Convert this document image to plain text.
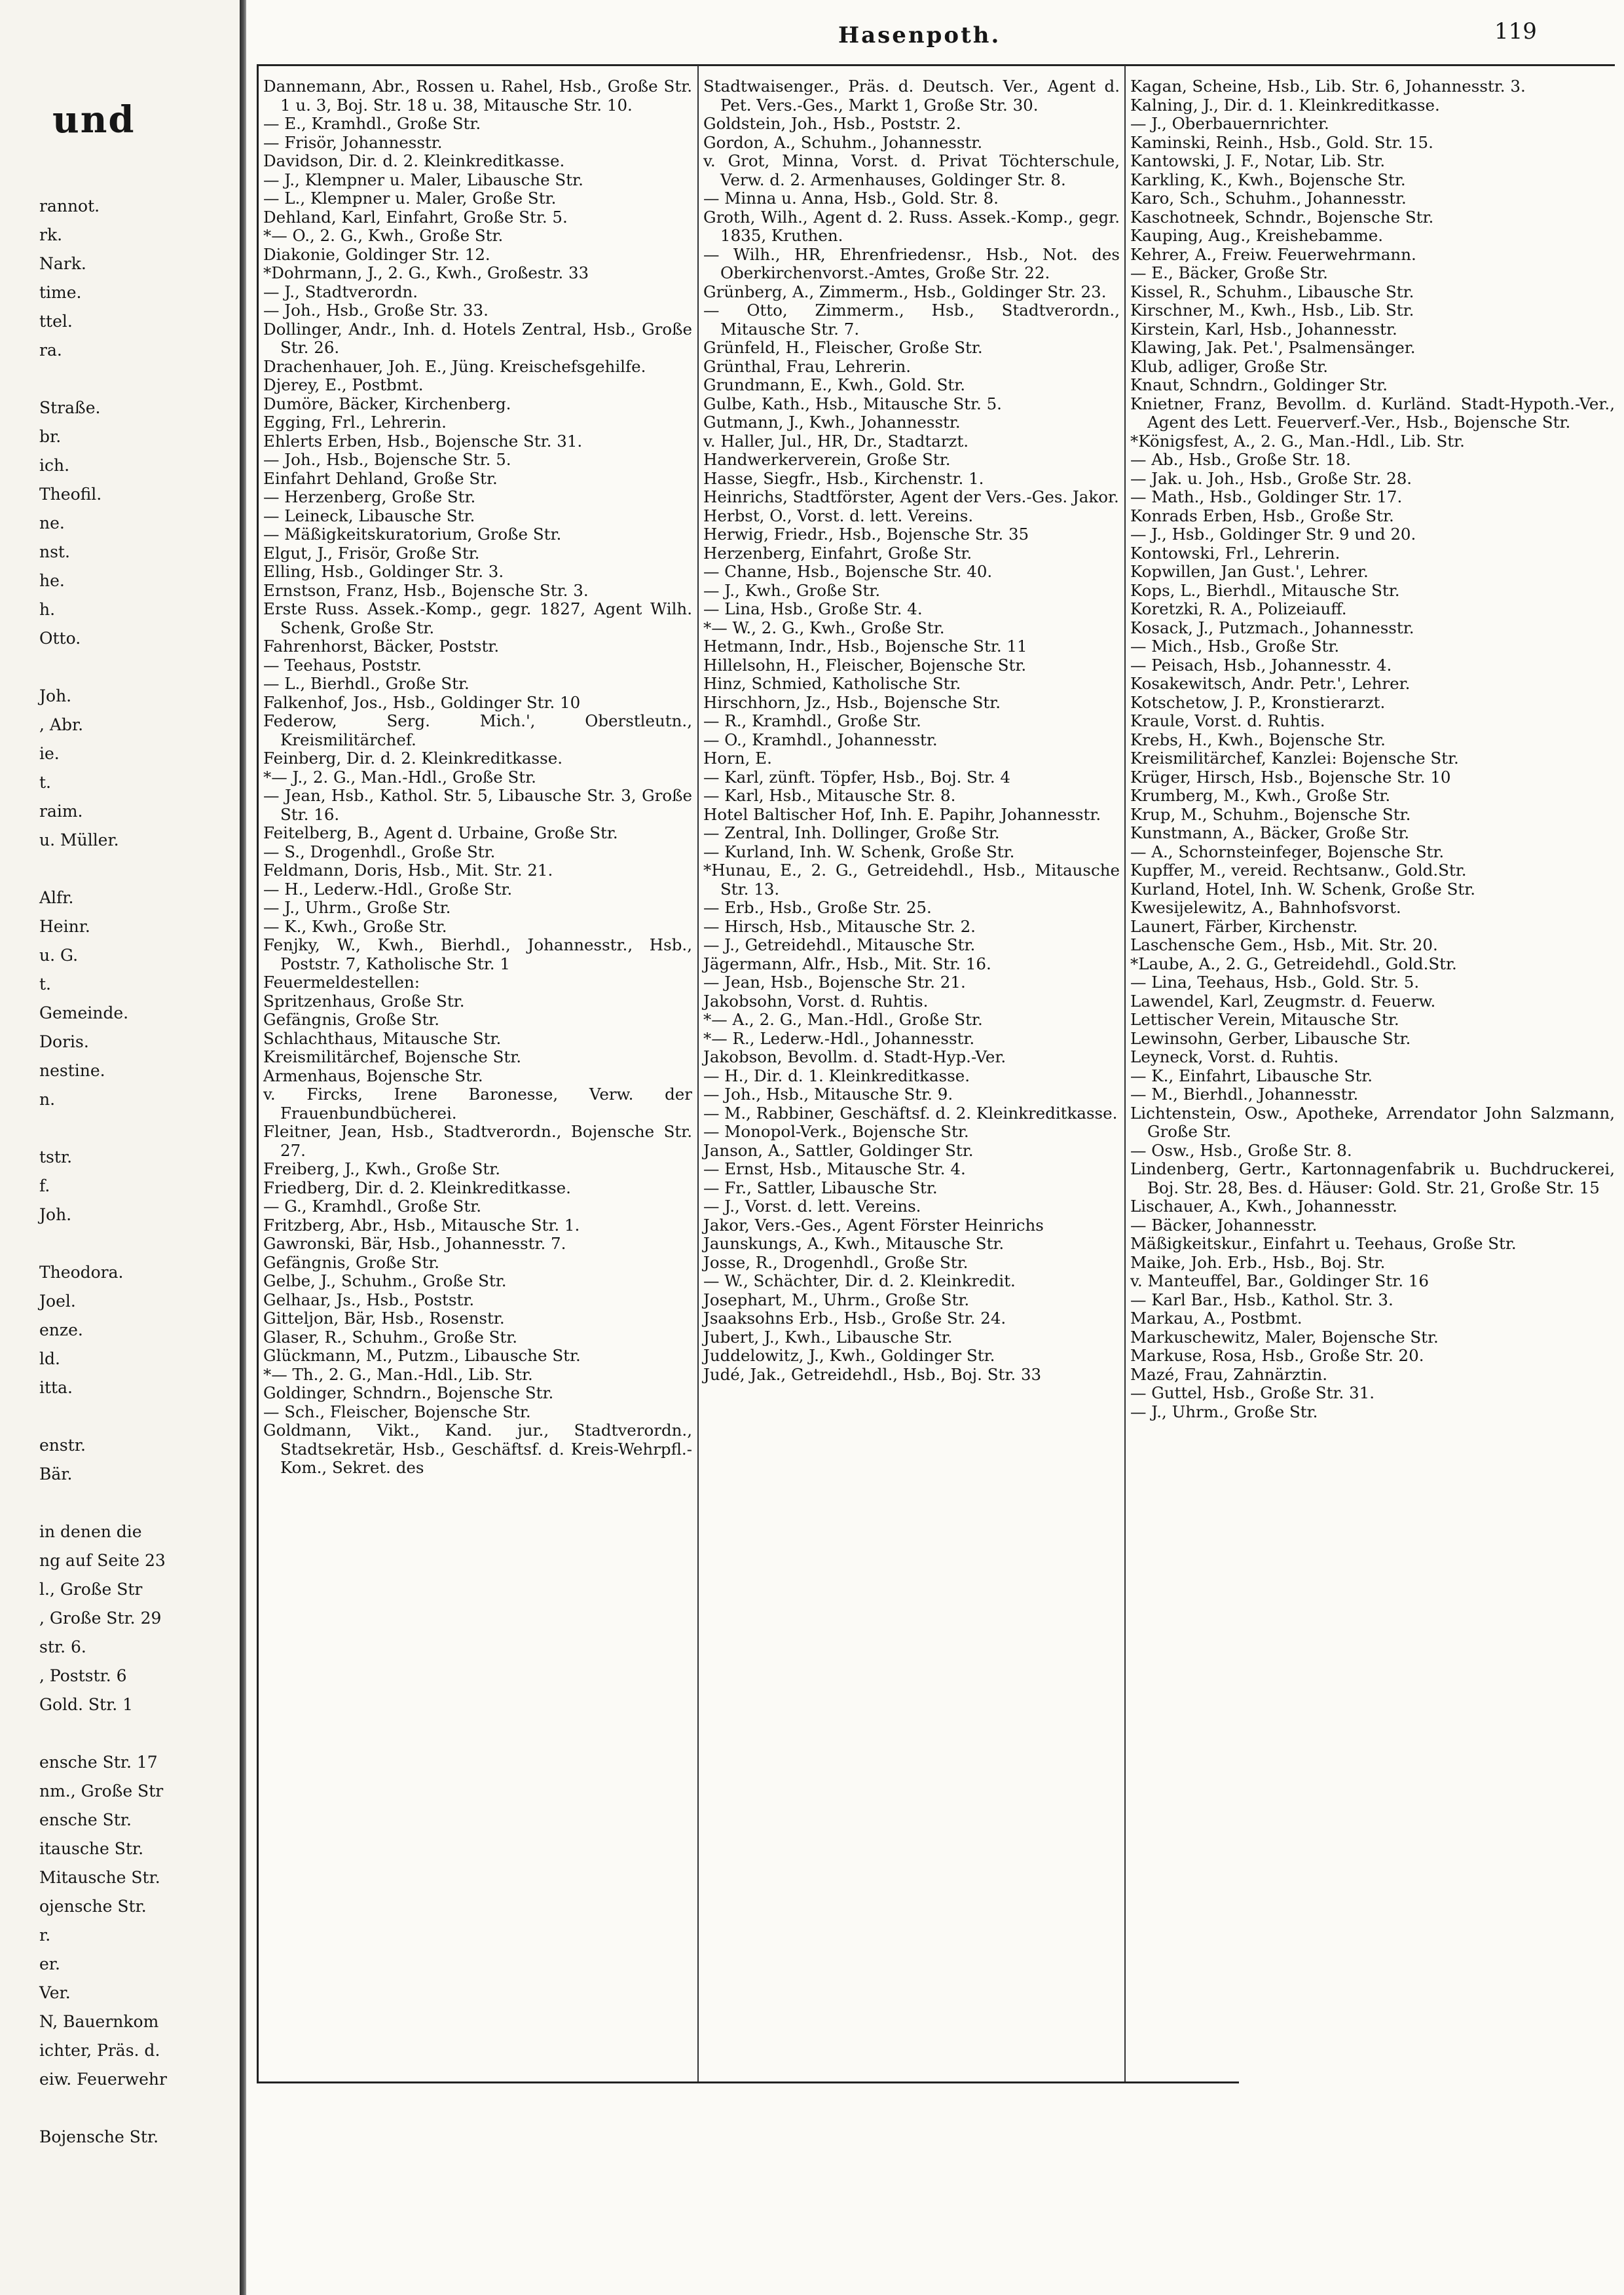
und
rannot.
rk.
Nark.
time.
ttel.
ra.
Straße.
br.
ich.
Theofil.
ne.
nst.
he.
h.
Otto.
Joh.
, Abr.
ie.
t.
raim.
u. Müller.
Alfr.
Heinr.
u. G.
t.
Gemeinde.
Doris.
nestine.
n.
tstr.
f.
Joh.
Theodora.
Joel.
enze.
ld.
itta.
enstr.
Bär.
in denen die
ng auf Seite 23
l., Große Str
, Große Str. 29
str. 6.
, Poststr. 6
Gold. Str. 1
ensche Str. 17
nm., Große Str
ensche Str.
itausche Str.
Mitausche Str.
ojensche Str.
r.
er.
Ver.
N, Bauernkom
ichter, Präs. d.
eiw. Feuerwehr
Bojensche Str.
Hasenpoth.	119

Dannemann, Abr., Rossen u. Rahel, Hsb., Große Str. 1 u. 3, Boj. Str. 18 u. 38, Mitausche Str. 10.

— E., Kramhdl., Große Str.

— Frisör, Johannesstr.

Davidson, Dir. d. 2. Kleinkreditkasse.

— J., Klempner u. Maler, Libausche Str.

— L., Klempner u. Maler, Große Str.

Dehland, Karl, Einfahrt, Große Str. 5.

*— O., 2. G., Kwh., Große Str.

Diakonie, Goldinger Str. 12.

*Dohrmann, J., 2. G., Kwh., Großestr. 33

— J., Stadtverordn.

— Joh., Hsb., Große Str. 33.

Dollinger, Andr., Inh. d. Hotels Zentral, Hsb., Große Str. 26.

Drachenhauer, Joh. E., Jüng. Kreischefsgehilfe.

Djerey, E., Postbmt.

Dumöre, Bäcker, Kirchenberg.

Egging, Frl., Lehrerin.

Ehlerts Erben, Hsb., Bojensche Str. 31.

— Joh., Hsb., Bojensche Str. 5.

Einfahrt Dehland, Große Str.

— Herzenberg, Große Str.

— Leineck, Libausche Str.

— Mäßigkeitskuratorium, Große Str.

Elgut, J., Frisör, Große Str.

Elling, Hsb., Goldinger Str. 3.

Ernstson, Franz, Hsb., Bojensche Str. 3.

Erste Russ. Assek.-Komp., gegr. 1827, Agent Wilh. Schenk, Große Str.

Fahrenhorst, Bäcker, Poststr.

— Teehaus, Poststr.

— L., Bierhdl., Große Str.

Falkenhof, Jos., Hsb., Goldinger Str. 10

Federow, Serg. Mich.', Oberstleutn., Kreismilitärchef.

Feinberg, Dir. d. 2. Kleinkreditkasse.

*— J., 2. G., Man.-Hdl., Große Str.

— Jean, Hsb., Kathol. Str. 5, Libausche Str. 3, Große Str. 16.

Feitelberg, B., Agent d. Urbaine, Große Str.

— S., Drogenhdl., Große Str.

Feldmann, Doris, Hsb., Mit. Str. 21.

— H., Lederw.-Hdl., Große Str.

— J., Uhrm., Große Str.

— K., Kwh., Große Str.

Fenjky, W., Kwh., Bierhdl., Johannesstr., Hsb., Poststr. 7, Katholische Str. 1

Feuermeldestellen:

Spritzenhaus, Große Str.

Gefängnis, Große Str.

Schlachthaus, Mitausche Str.

Kreismilitärchef, Bojensche Str.

Armenhaus, Bojensche Str.

v. Fircks, Irene Baronesse, Verw. der Frauenbundbücherei.

Fleitner, Jean, Hsb., Stadtverordn., Bojensche Str. 27.

Freiberg, J., Kwh., Große Str.

Friedberg, Dir. d. 2. Kleinkreditkasse.

— G., Kramhdl., Große Str.

Fritzberg, Abr., Hsb., Mitausche Str. 1.

Gawronski, Bär, Hsb., Johannesstr. 7.

Gefängnis, Große Str.

Gelbe, J., Schuhm., Große Str.

Gelhaar, Js., Hsb., Poststr.

Gitteljon, Bär, Hsb., Rosenstr.

Glaser, R., Schuhm., Große Str.

Glückmann, M., Putzm., Libausche Str.

*— Th., 2. G., Man.-Hdl., Lib. Str.

Goldinger, Schndrn., Bojensche Str.

— Sch., Fleischer, Bojensche Str.

Goldmann, Vikt., Kand. jur., Stadtverordn., Stadtsekretär, Hsb., Geschäftsf. d. Kreis-Wehrpfl.-Kom., Sekret. des

Stadtwaisenger., Präs. d. Deutsch. Ver., Agent d. Pet. Vers.-Ges., Markt 1, Große Str. 30.

Goldstein, Joh., Hsb., Poststr. 2.

Gordon, A., Schuhm., Johannesstr.

v. Grot, Minna, Vorst. d. Privat Töchterschule, Verw. d. 2. Armenhauses, Goldinger Str. 8.

— Minna u. Anna, Hsb., Gold. Str. 8.

Groth, Wilh., Agent d. 2. Russ. Assek.-Komp., gegr. 1835, Kruthen.

— Wilh., HR, Ehrenfriedensr., Hsb., Not. des Oberkirchenvorst.-Amtes, Große Str. 22.

Grünberg, A., Zimmerm., Hsb., Goldinger Str. 23.

— Otto, Zimmerm., Hsb., Stadtverordn., Mitausche Str. 7.

Grünfeld, H., Fleischer, Große Str.

Grünthal, Frau, Lehrerin.

Grundmann, E., Kwh., Gold. Str.

Gulbe, Kath., Hsb., Mitausche Str. 5.

Gutmann, J., Kwh., Johannesstr.

v. Haller, Jul., HR, Dr., Stadtarzt.

Handwerkerverein, Große Str.

Hasse, Siegfr., Hsb., Kirchenstr. 1.

Heinrichs, Stadtförster, Agent der Vers.-Ges. Jakor.

Herbst, O., Vorst. d. lett. Vereins.

Herwig, Friedr., Hsb., Bojensche Str. 35

Herzenberg, Einfahrt, Große Str.

— Channe, Hsb., Bojensche Str. 40.

— J., Kwh., Große Str.

— Lina, Hsb., Große Str. 4.

*— W., 2. G., Kwh., Große Str.

Hetmann, Indr., Hsb., Bojensche Str. 11

Hillelsohn, H., Fleischer, Bojensche Str.

Hinz, Schmied, Katholische Str.

Hirschhorn, Jz., Hsb., Bojensche Str.

— R., Kramhdl., Große Str.

— O., Kramhdl., Johannesstr.

Horn, E.

— Karl, zünft. Töpfer, Hsb., Boj. Str. 4

— Karl, Hsb., Mitausche Str. 8.

Hotel Baltischer Hof, Inh. E. Papihr, Johannesstr.

— Zentral, Inh. Dollinger, Große Str.

— Kurland, Inh. W. Schenk, Große Str.

*Hunau, E., 2. G., Getreidehdl., Hsb., Mitausche Str. 13.

— Erb., Hsb., Große Str. 25.

— Hirsch, Hsb., Mitausche Str. 2.

— J., Getreidehdl., Mitausche Str.

Jägermann, Alfr., Hsb., Mit. Str. 16.

— Jean, Hsb., Bojensche Str. 21.

Jakobsohn, Vorst. d. Ruhtis.

*— A., 2. G., Man.-Hdl., Große Str.

*— R., Lederw.-Hdl., Johannesstr.

Jakobson, Bevollm. d. Stadt-Hyp.-Ver.

— H., Dir. d. 1. Kleinkreditkasse.

— Joh., Hsb., Mitausche Str. 9.

— M., Rabbiner, Geschäftsf. d. 2. Kleinkreditkasse.

— Monopol-Verk., Bojensche Str.

Janson, A., Sattler, Goldinger Str.

— Ernst, Hsb., Mitausche Str. 4.

— Fr., Sattler, Libausche Str.

— J., Vorst. d. lett. Vereins.

Jakor, Vers.-Ges., Agent Förster Heinrichs

Jaunskungs, A., Kwh., Mitausche Str.

Josse, R., Drogenhdl., Große Str.

— W., Schächter, Dir. d. 2. Kleinkredit.

Josephart, M., Uhrm., Große Str.

Jsaaksohns Erb., Hsb., Große Str. 24.

Jubert, J., Kwh., Libausche Str.

Juddelowitz, J., Kwh., Goldinger Str.

Judé, Jak., Getreidehdl., Hsb., Boj. Str. 33

Kagan, Scheine, Hsb., Lib. Str. 6, Johannesstr. 3.

Kalning, J., Dir. d. 1. Kleinkreditkasse.

— J., Oberbauernrichter.

Kaminski, Reinh., Hsb., Gold. Str. 15.

Kantowski, J. F., Notar, Lib. Str.

Karkling, K., Kwh., Bojensche Str.

Karo, Sch., Schuhm., Johannesstr.

Kaschotneek, Schndr., Bojensche Str.

Kauping, Aug., Kreishebamme.

Kehrer, A., Freiw. Feuerwehrmann.

— E., Bäcker, Große Str.

Kissel, R., Schuhm., Libausche Str.

Kirschner, M., Kwh., Hsb., Lib. Str.

Kirstein, Karl, Hsb., Johannesstr.

Klawing, Jak. Pet.', Psalmensänger.

Klub, adliger, Große Str.

Knaut, Schndrn., Goldinger Str.

Knietner, Franz, Bevollm. d. Kurländ. Stadt-Hypoth.-Ver., Agent des Lett. Feuerverf.-Ver., Hsb., Bojensche Str.

*Königsfest, A., 2. G., Man.-Hdl., Lib. Str.

— Ab., Hsb., Große Str. 18.

— Jak. u. Joh., Hsb., Große Str. 28.

— Math., Hsb., Goldinger Str. 17.

Konrads Erben, Hsb., Große Str.

— J., Hsb., Goldinger Str. 9 und 20.

Kontowski, Frl., Lehrerin.

Kopwillen, Jan Gust.', Lehrer.

Kops, L., Bierhdl., Mitausche Str.

Koretzki, R. A., Polizeiauff.

Kosack, J., Putzmach., Johannesstr.

— Mich., Hsb., Große Str.

— Peisach, Hsb., Johannesstr. 4.

Kosakewitsch, Andr. Petr.', Lehrer.

Kotschetow, J. P., Kronstierarzt.

Kraule, Vorst. d. Ruhtis.

Krebs, H., Kwh., Bojensche Str.

Kreismilitärchef, Kanzlei: Bojensche Str.

Krüger, Hirsch, Hsb., Bojensche Str. 10

Krumberg, M., Kwh., Große Str.

Krup, M., Schuhm., Bojensche Str.

Kunstmann, A., Bäcker, Große Str.

— A., Schornsteinfeger, Bojensche Str.

Kupffer, M., vereid. Rechtsanw., Gold.Str.

Kurland, Hotel, Inh. W. Schenk, Große Str.

Kwesijelewitz, A., Bahnhofsvorst.

Launert, Färber, Kirchenstr.

Laschensche Gem., Hsb., Mit. Str. 20.

*Laube, A., 2. G., Getreidehdl., Gold.Str.

— Lina, Teehaus, Hsb., Gold. Str. 5.

Lawendel, Karl, Zeugmstr. d. Feuerw.

Lettischer Verein, Mitausche Str.

Lewinsohn, Gerber, Libausche Str.

Leyneck, Vorst. d. Ruhtis.

— K., Einfahrt, Libausche Str.

— M., Bierhdl., Johannesstr.

Lichtenstein, Osw., Apotheke, Arrendator John Salzmann, Große Str.

— Osw., Hsb., Große Str. 8.

Lindenberg, Gertr., Kartonnagenfabrik u. Buchdruckerei, Boj. Str. 28, Bes. d. Häuser: Gold. Str. 21, Große Str. 15

Lischauer, A., Kwh., Johannesstr.

— Bäcker, Johannesstr.

Mäßigkeitskur., Einfahrt u. Teehaus, Große Str.

Maike, Joh. Erb., Hsb., Boj. Str.

v. Manteuffel, Bar., Goldinger Str. 16

— Karl Bar., Hsb., Kathol. Str. 3.

Markau, A., Postbmt.

Markuschewitz, Maler, Bojensche Str.

Markuse, Rosa, Hsb., Große Str. 20.

Mazé, Frau, Zahnärztin.

— Guttel, Hsb., Große Str. 31.

— J., Uhrm., Große Str.
